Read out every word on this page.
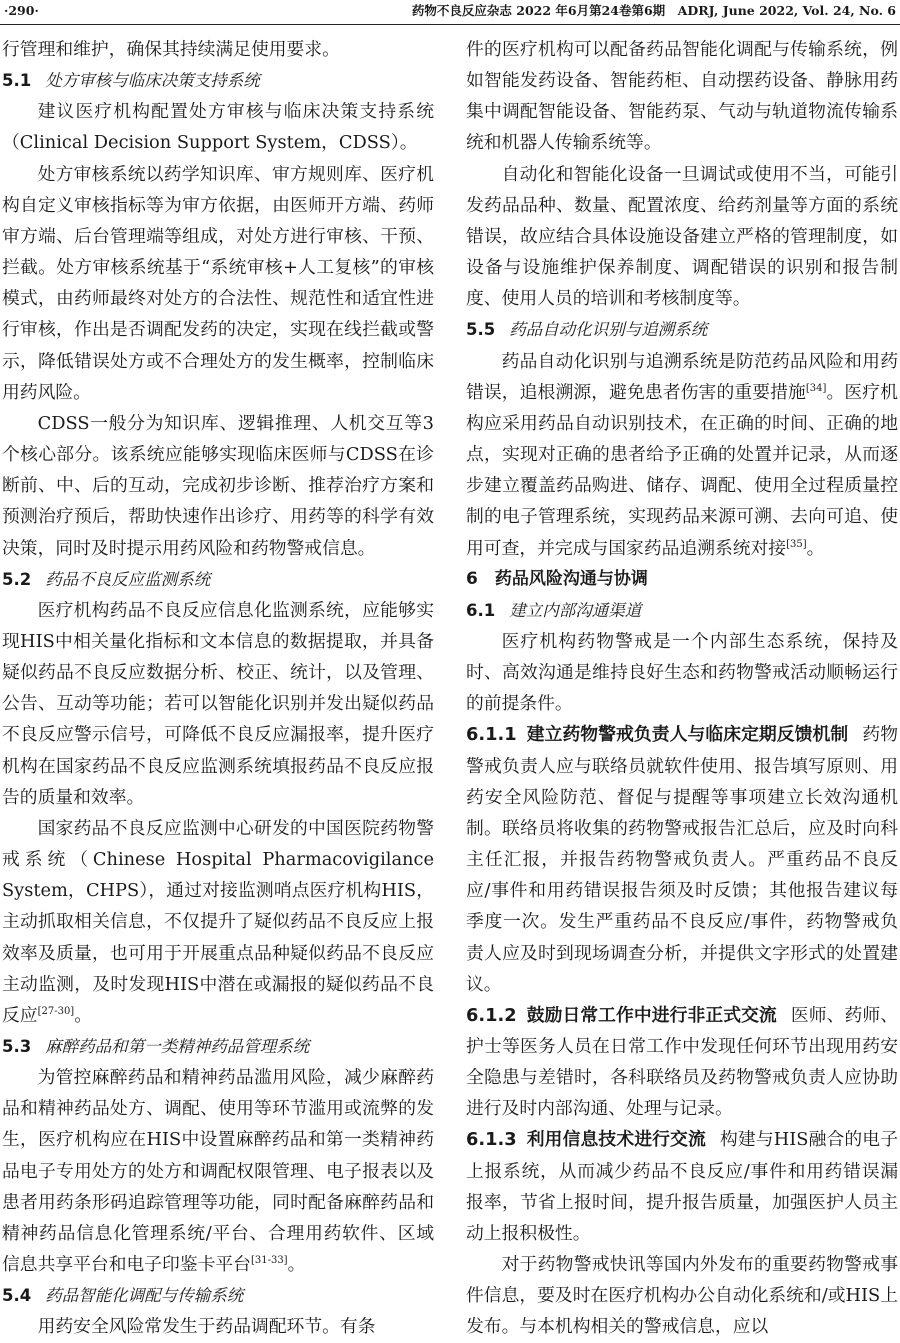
·290·	药物不良反应杂志 2022 年6月第24卷第6期　ADRJ, June 2022, Vol. 24, No. 6

行管理和维护，确保其持续满足使用要求。

5.1 处方审核与临床决策支持系统

建议医疗机构配置处方审核与临床决策支持系统（Clinical Decision Support System，CDSS）。

处方审核系统以药学知识库、审方规则库、医疗机构自定义审核指标等为审方依据，由医师开方端、药师审方端、后台管理端等组成，对处方进行审核、干预、拦截。处方审核系统基于“系统审核+人工复核”的审核模式，由药师最终对处方的合法性、规范性和适宜性进行审核，作出是否调配发药的决定，实现在线拦截或警示，降低错误处方或不合理处方的发生概率，控制临床用药风险。

CDSS一般分为知识库、逻辑推理、人机交互等3个核心部分。该系统应能够实现临床医师与CDSS在诊断前、中、后的互动，完成初步诊断、推荐治疗方案和预测治疗预后，帮助快速作出诊疗、用药等的科学有效决策，同时及时提示用药风险和药物警戒信息。

5.2 药品不良反应监测系统

医疗机构药品不良反应信息化监测系统，应能够实现HIS中相关量化指标和文本信息的数据提取，并具备疑似药品不良反应数据分析、校正、统计，以及管理、公告、互动等功能；若可以智能化识别并发出疑似药品不良反应警示信号，可降低不良反应漏报率，提升医疗机构在国家药品不良反应监测系统填报药品不良反应报告的质量和效率。

国家药品不良反应监测中心研发的中国医院药物警戒系统（Chinese Hospital Pharmacovigilance System，CHPS），通过对接监测哨点医疗机构HIS，主动抓取相关信息，不仅提升了疑似药品不良反应上报效率及质量，也可用于开展重点品种疑似药品不良反应主动监测，及时发现HIS中潜在或漏报的疑似药品不良反应[27-30]。

5.3 麻醉药品和第一类精神药品管理系统

为管控麻醉药品和精神药品滥用风险，减少麻醉药品和精神药品处方、调配、使用等环节滥用或流弊的发生，医疗机构应在HIS中设置麻醉药品和第一类精神药品电子专用处方的处方和调配权限管理、电子报表以及患者用药条形码追踪管理等功能，同时配备麻醉药品和精神药品信息化管理系统/平台、合理用药软件、区域信息共享平台和电子印鉴卡平台[31-33]。

5.4 药品智能化调配与传输系统

用药安全风险常发生于药品调配环节。有条

件的医疗机构可以配备药品智能化调配与传输系统，例如智能发药设备、智能药柜、自动摆药设备、静脉用药集中调配智能设备、智能药泵、气动与轨道物流传输系统和机器人传输系统等。

自动化和智能化设备一旦调试或使用不当，可能引发药品品种、数量、配置浓度、给药剂量等方面的系统错误，故应结合具体设施设备建立严格的管理制度，如设备与设施维护保养制度、调配错误的识别和报告制度、使用人员的培训和考核制度等。

5.5 药品自动化识别与追溯系统

药品自动化识别与追溯系统是防范药品风险和用药错误，追根溯源，避免患者伤害的重要措施[34]。医疗机构应采用药品自动识别技术，在正确的时间、正确的地点，实现对正确的患者给予正确的处置并记录，从而逐步建立覆盖药品购进、储存、调配、使用全过程质量控制的电子管理系统，实现药品来源可溯、去向可追、使用可查，并完成与国家药品追溯系统对接[35]。

6　药品风险沟通与协调

6.1 建立内部沟通渠道

医疗机构药物警戒是一个内部生态系统，保持及时、高效沟通是维持良好生态和药物警戒活动顺畅运行的前提条件。

6.1.1 建立药物警戒负责人与临床定期反馈机制 药物警戒负责人应与联络员就软件使用、报告填写原则、用药安全风险防范、督促与提醒等事项建立长效沟通机制。联络员将收集的药物警戒报告汇总后，应及时向科主任汇报，并报告药物警戒负责人。严重药品不良反应/事件和用药错误报告须及时反馈；其他报告建议每季度一次。发生严重药品不良反应/事件，药物警戒负责人应及时到现场调查分析，并提供文字形式的处置建议。

6.1.2 鼓励日常工作中进行非正式交流 医师、药师、护士等医务人员在日常工作中发现任何环节出现用药安全隐患与差错时，各科联络员及药物警戒负责人应协助进行及时内部沟通、处理与记录。

6.1.3 利用信息技术进行交流 构建与HIS融合的电子上报系统，从而减少药品不良反应/事件和用药错误漏报率，节省上报时间，提升报告质量，加强医护人员主动上报积极性。

对于药物警戒快讯等国内外发布的重要药物警戒事件信息，要及时在医疗机构办公自动化系统和/或HIS上发布。与本机构相关的警戒信息，应以
